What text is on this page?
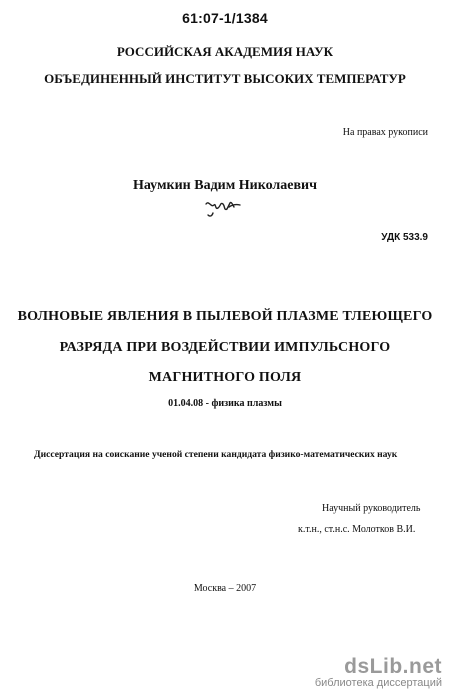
61:07-1/1384
РОССИЙСКАЯ АКАДЕМИЯ НАУК
ОБЪЕДИНЕННЫЙ ИНСТИТУТ ВЫСОКИХ ТЕМПЕРАТУР
На правах рукописи
Наумкин Вадим Николаевич
УДК 533.9
ВОЛНОВЫЕ ЯВЛЕНИЯ В ПЫЛЕВОЙ ПЛАЗМЕ ТЛЕЮЩЕГО
РАЗРЯДА ПРИ ВОЗДЕЙСТВИИ ИМПУЛЬСНОГО
МАГНИТНОГО ПОЛЯ
01.04.08 - физика плазмы
Диссертация на соискание ученой степени кандидата физико-математических наук
Научный руководитель
к.т.н., ст.н.с. Молотков В.И.
Москва – 2007
dsLib.net
библиотека диссертаций
